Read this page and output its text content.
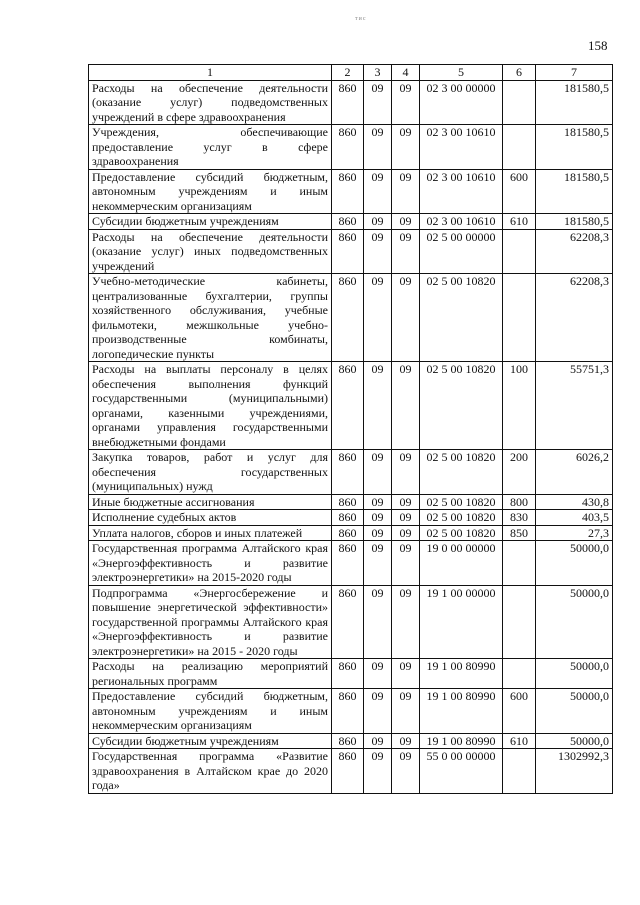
тис
158
1	2	3	4	5	6	7
Расходы на обеспечение деятельности (оказание услуг) подведомственных учреждений в сфере здравоохранения	860	09	09	02 3 00 00000		181580,5
Учреждения, обеспечивающие предоставление услуг в сфере здравоохранения	860	09	09	02 3 00 10610		181580,5
Предоставление субсидий бюджетным, автономным учреждениям и иным некоммерческим организациям	860	09	09	02 3 00 10610	600	181580,5
Субсидии бюджетным учреждениям	860	09	09	02 3 00 10610	610	181580,5
Расходы на обеспечение деятельности (оказание услуг) иных подведомственных учреждений	860	09	09	02 5 00 00000		62208,3
Учебно-методические кабинеты, централизованные бухгалтерии, группы хозяйственного обслуживания, учебные фильмотеки, межшкольные учебно-производственные комбинаты, логопедические пункты	860	09	09	02 5 00 10820		62208,3
Расходы на выплаты персоналу в целях обеспечения выполнения функций государственными (муниципальными) органами, казенными учреждениями, органами управления государственными внебюджетными фондами	860	09	09	02 5 00 10820	100	55751,3
Закупка товаров, работ и услуг для обеспечения государственных (муниципальных) нужд	860	09	09	02 5 00 10820	200	6026,2
Иные бюджетные ассигнования	860	09	09	02 5 00 10820	800	430,8
Исполнение судебных актов	860	09	09	02 5 00 10820	830	403,5
Уплата налогов, сборов и иных платежей	860	09	09	02 5 00 10820	850	27,3
Государственная программа Алтайского края «Энергоэффективность и развитие электроэнергетики» на 2015-2020 годы	860	09	09	19 0 00 00000		50000,0
Подпрограмма «Энергосбережение и повышение энергетической эффективности» государственной программы Алтайского края «Энергоэффективность и развитие электроэнергетики» на 2015 - 2020 годы	860	09	09	19 1 00 00000		50000,0
Расходы на реализацию мероприятий региональных программ	860	09	09	19 1 00 80990		50000,0
Предоставление субсидий бюджетным, автономным учреждениям и иным некоммерческим организациям	860	09	09	19 1 00 80990	600	50000,0
Субсидии бюджетным учреждениям	860	09	09	19 1 00 80990	610	50000,0
Государственная программа «Развитие здравоохранения в Алтайском крае до 2020 года»	860	09	09	55 0 00 00000		1302992,3
